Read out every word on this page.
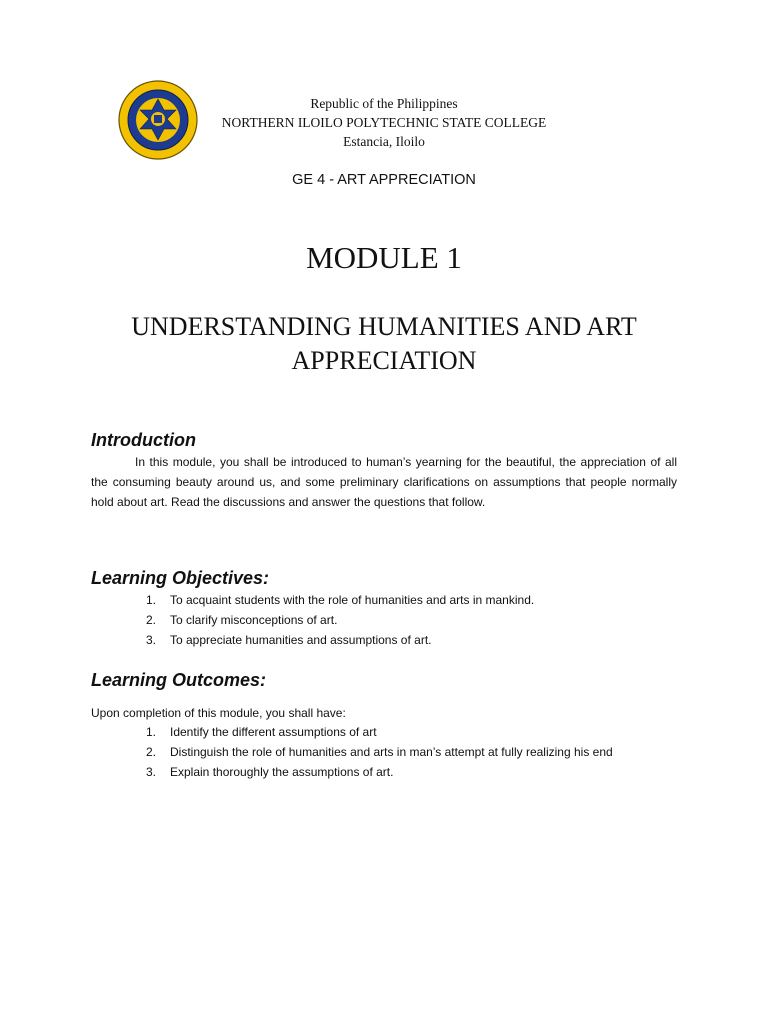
Republic of the Philippines
NORTHERN ILOILO POLYTECHNIC STATE COLLEGE
Estancia, Iloilo
GE 4 - ART APPRECIATION
MODULE 1
UNDERSTANDING HUMANITIES AND ART APPRECIATION
Introduction
In this module, you shall be introduced to human’s yearning for the beautiful, the appreciation of all the consuming beauty around us, and some preliminary clarifications on assumptions that people normally hold about art. Read the discussions and answer the questions that follow.
Learning Objectives:
1.	To acquaint students with the role of humanities and arts in mankind.
2.	To clarify misconceptions of art.
3.	To appreciate humanities and assumptions of art.
Learning Outcomes:
Upon completion of this module, you shall have:
1.	Identify the different assumptions of art
2.	Distinguish the role of humanities and arts in man’s attempt at fully realizing his end
3.	Explain thoroughly the assumptions of art.
